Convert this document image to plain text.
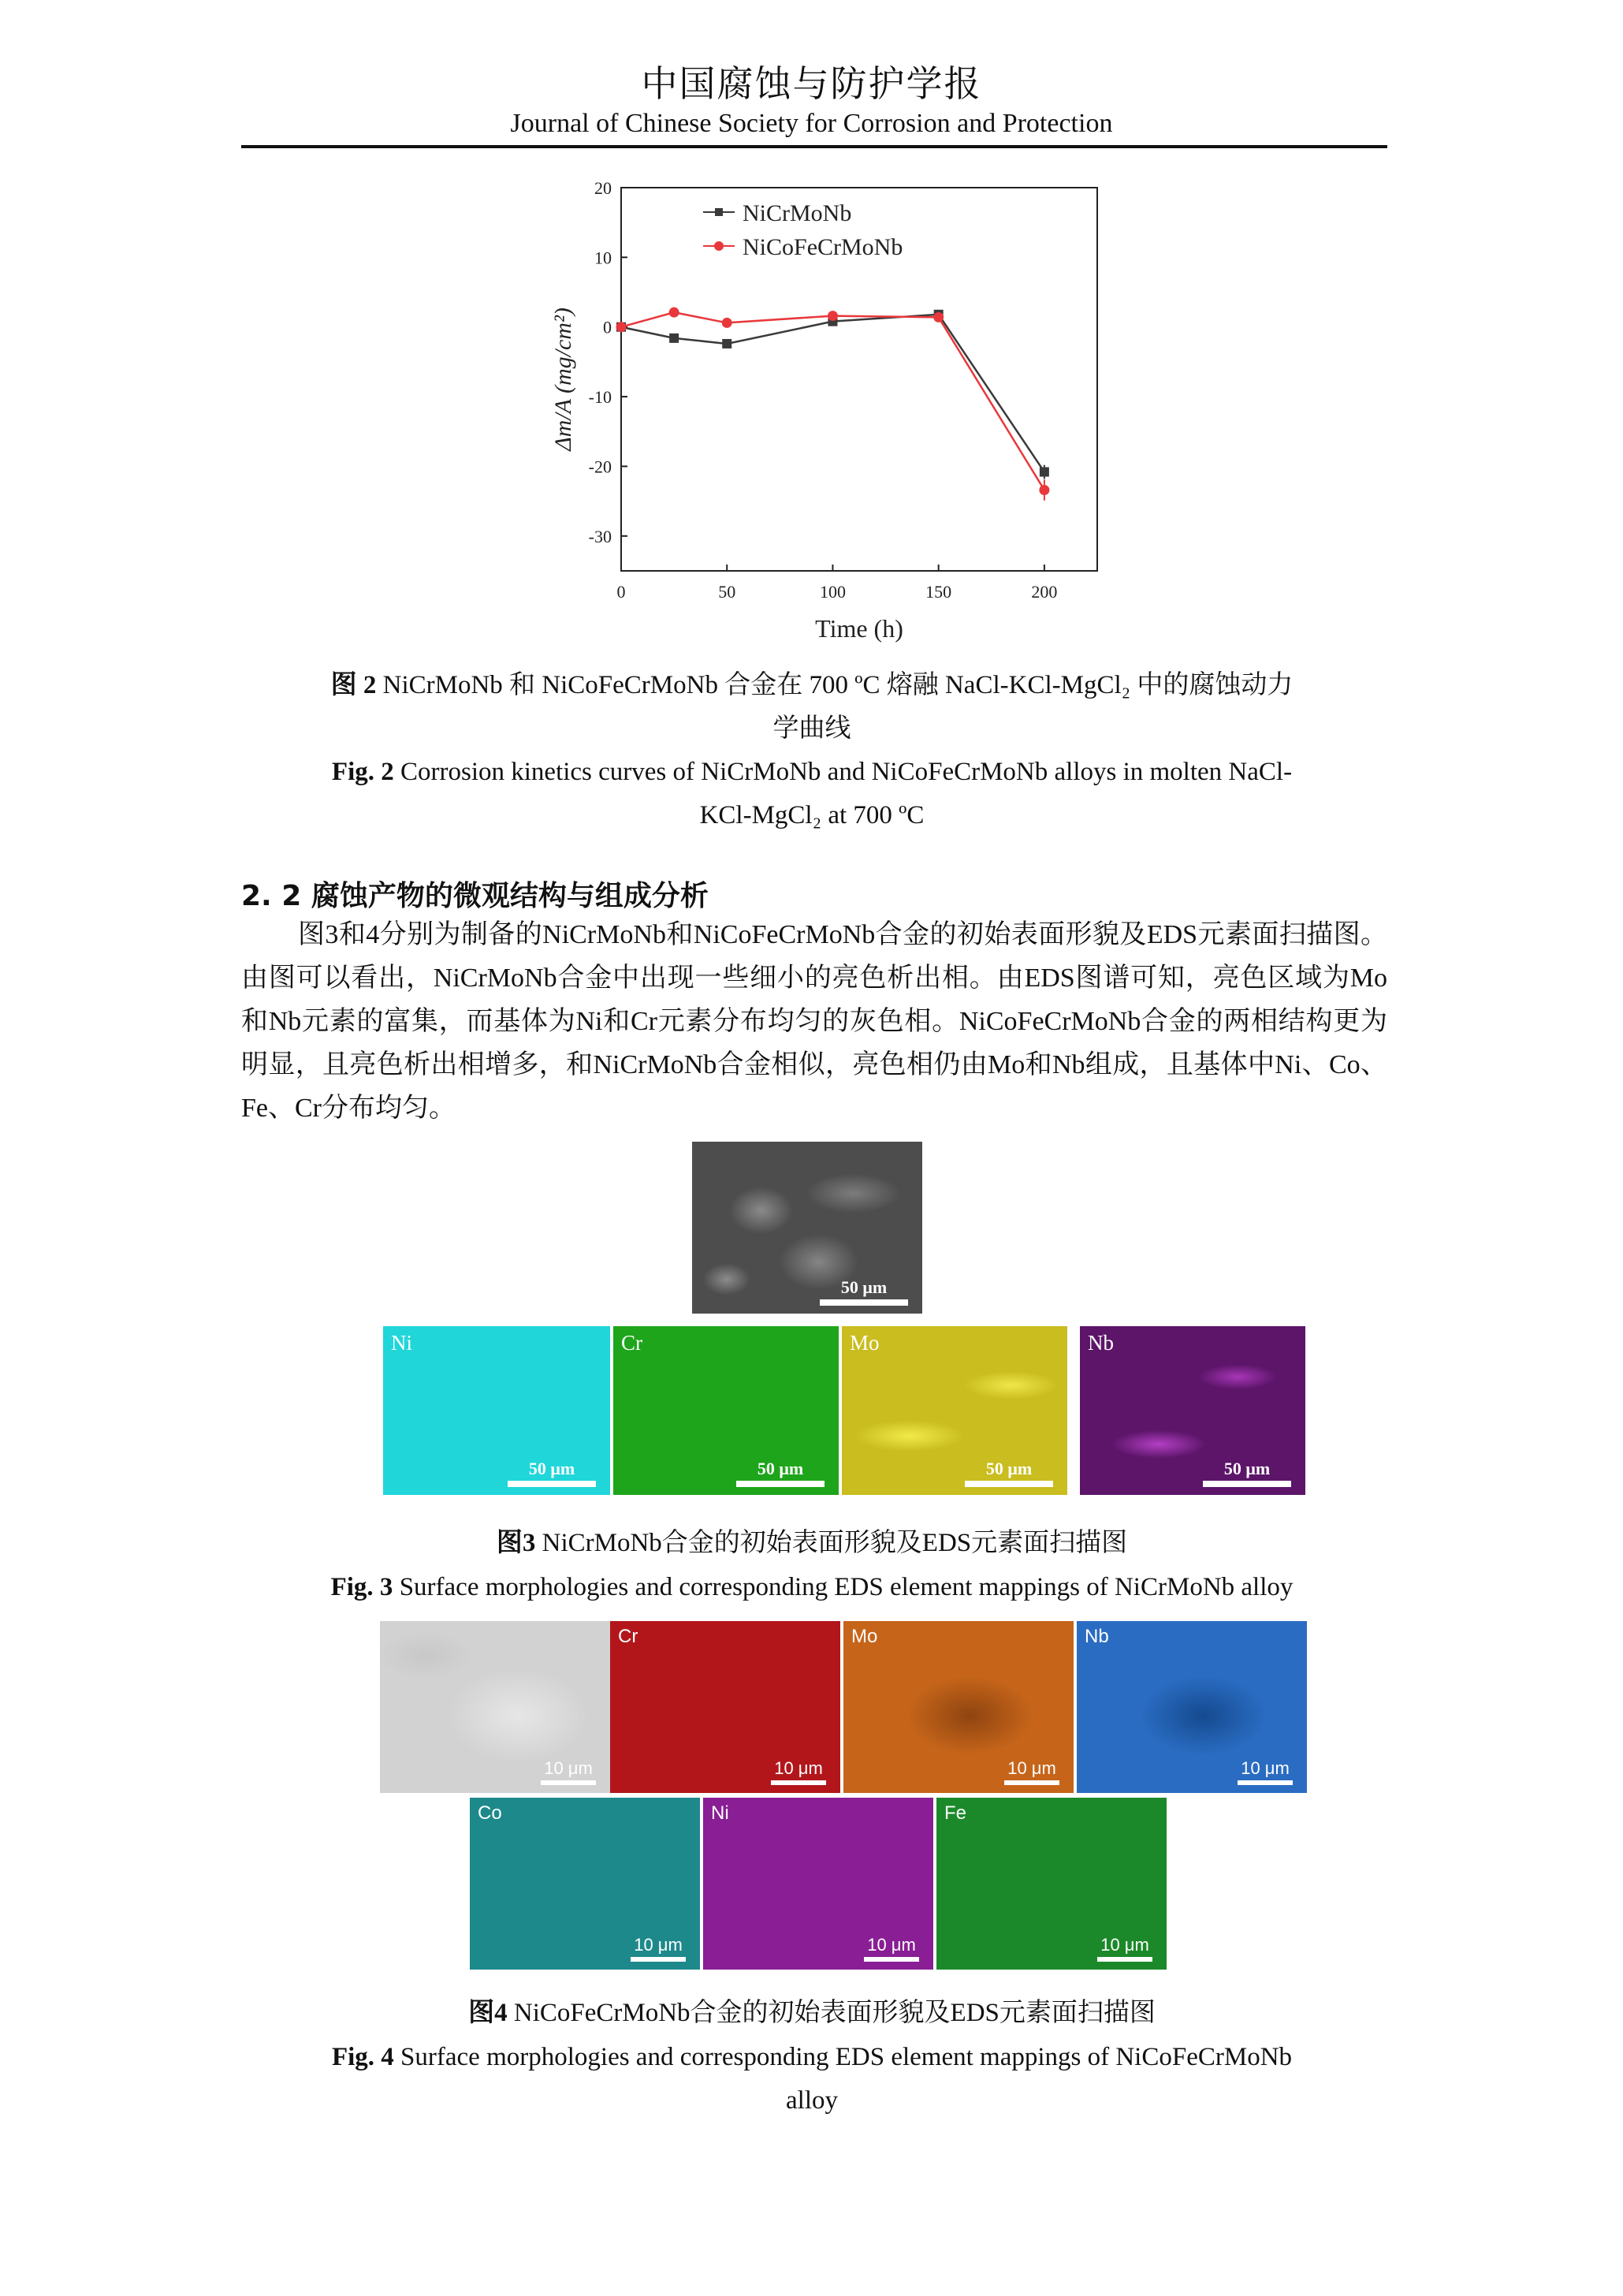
中国腐蚀与防护学报
Journal of Chinese Society for Corrosion and Protection
20
10
0
-10
-20
-30
0	50	100	150	200
NiCrMoNb
NiCoFeCrMoNb
Time (h)
Δm/A (mg/cm²)
图 2 NiCrMoNb 和 NiCoFeCrMoNb 合金在 700 ºC 熔融 NaCl-KCl-MgCl₂ 中的腐蚀动力
学曲线
Fig. 2 Corrosion kinetics curves of NiCrMoNb and NiCoFeCrMoNb alloys in molten NaCl-
KCl-MgCl₂ at 700 ºC
2. 2 腐蚀产物的微观结构与组成分析
图3和4分别为制备的NiCrMoNb和NiCoFeCrMoNb合金的初始表面形貌及EDS元素面扫描图。由图可以看出，NiCrMoNb合金中出现一些细小的亮色析出相。由EDS图谱可知，亮色区域为Mo和Nb元素的富集，而基体为Ni和Cr元素分布均匀的灰色相。NiCoFeCrMoNb合金的两相结构更为明显，且亮色析出相增多，和NiCrMoNb合金相似，亮色相仍由Mo和Nb组成，且基体中Ni、Co、Fe、Cr分布均匀。
50 μm
Ni
50 μm
Cr
50 μm
Mo
50 μm
Nb
50 μm
图3 NiCrMoNb合金的初始表面形貌及EDS元素面扫描图
Fig. 3 Surface morphologies and corresponding EDS element mappings of NiCrMoNb alloy
10 μm
Cr
10 μm
Mo
10 μm
Nb
10 μm
Co
10 μm
Ni
10 μm
Fe
10 μm
图4 NiCoFeCrMoNb合金的初始表面形貌及EDS元素面扫描图
Fig. 4 Surface morphologies and corresponding EDS element mappings of NiCoFeCrMoNb
alloy
